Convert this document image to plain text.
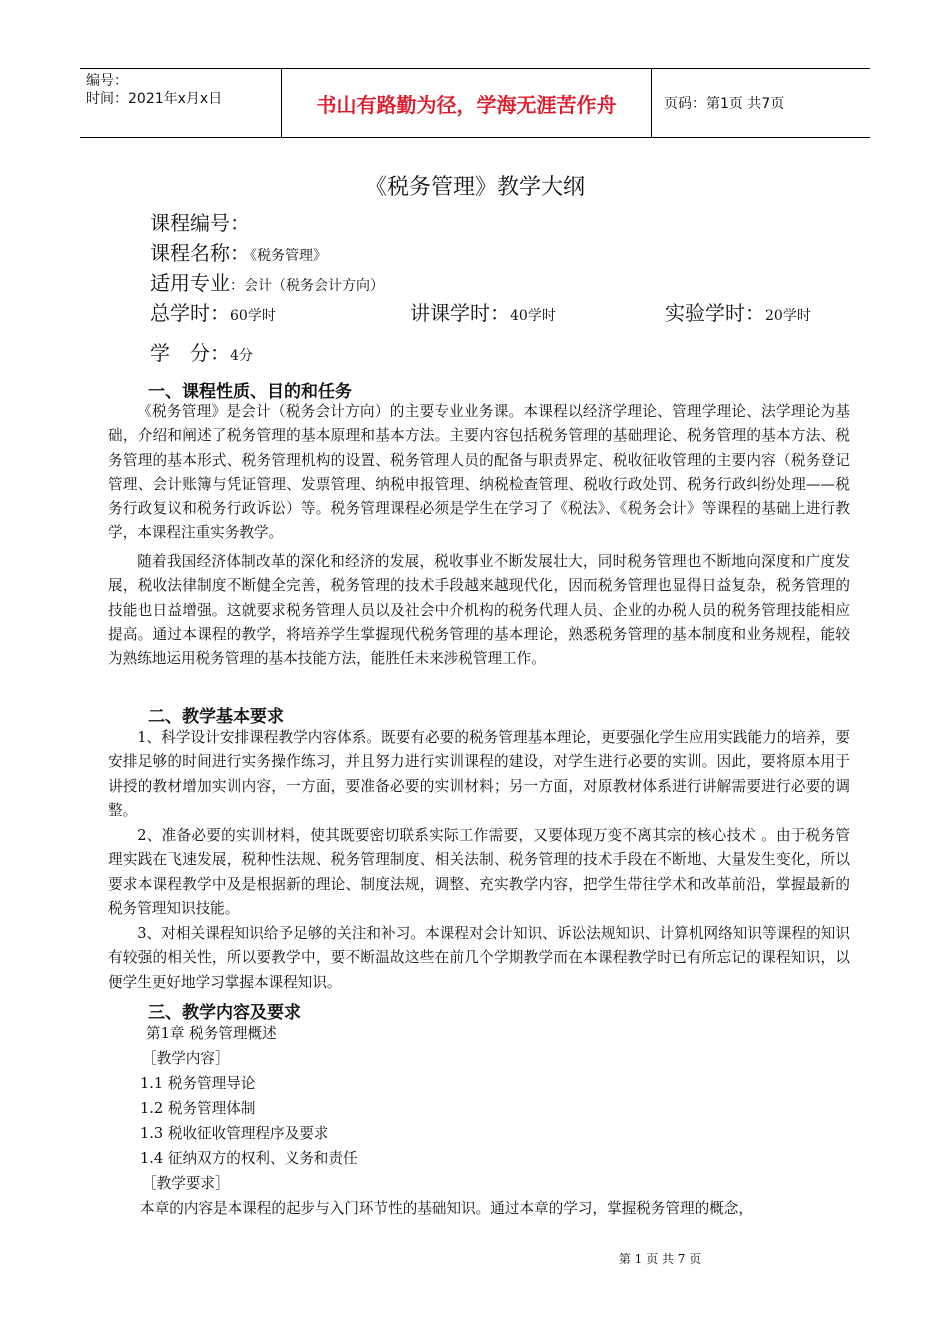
编号：
时间：2021年x月x日	书山有路勤为径，学海无涯苦作舟	页码：第1页 共7页
《税务管理》教学大纲
课程编号：
课程名称：《税务管理》
适用专业：会计（税务会计方向）
总学时：60学时	讲课学时：40学时	实验学时：20学时
学　分：4分
一、课程性质、目的和任务

《税务管理》是会计（税务会计方向）的主要专业业务课。本课程以经济学理论、管理学理论、法学理论为基础，介绍和阐述了税务管理的基本原理和基本方法。主要内容包括税务管理的基础理论、税务管理的基本方法、税务管理的基本形式、税务管理机构的设置、税务管理人员的配备与职责界定、税收征收管理的主要内容（税务登记管理、会计账簿与凭证管理、发票管理、纳税申报管理、纳税检查管理、税收行政处罚、税务行政纠纷处理——税务行政复议和税务行政诉讼）等。税务管理课程必须是学生在学习了《税法》、《税务会计》等课程的基础上进行教学，本课程注重实务教学。

随着我国经济体制改革的深化和经济的发展，税收事业不断发展壮大，同时税务管理也不断地向深度和广度发展，税收法律制度不断健全完善，税务管理的技术手段越来越现代化，因而税务管理也显得日益复杂，税务管理的技能也日益增强。这就要求税务管理人员以及社会中介机构的税务代理人员、企业的办税人员的税务管理技能相应提高。通过本课程的教学，将培养学生掌握现代税务管理的基本理论，熟悉税务管理的基本制度和业务规程，能较为熟练地运用税务管理的基本技能方法，能胜任未来涉税管理工作。

二、教学基本要求

1、科学设计安排课程教学内容体系。既要有必要的税务管理基本理论，更要强化学生应用实践能力的培养，要安排足够的时间进行实务操作练习，并且努力进行实训课程的建设，对学生进行必要的实训。因此，要将原本用于讲授的教材增加实训内容，一方面，要准备必要的实训材料；另一方面，对原教材体系进行讲解需要进行必要的调整。

2、准备必要的实训材料，使其既要密切联系实际工作需要，又要体现万变不离其宗的核心技术 。由于税务管理实践在飞速发展，税种性法规、税务管理制度、相关法制、税务管理的技术手段在不断地、大量发生变化，所以要求本课程教学中及是根据新的理论、制度法规，调整、充实教学内容，把学生带往学术和改革前沿，掌握最新的税务管理知识技能。

3、对相关课程知识给予足够的关注和补习。本课程对会计知识、诉讼法规知识、计算机网络知识等课程的知识有较强的相关性，所以要教学中，要不断温故这些在前几个学期教学而在本课程教学时已有所忘记的课程知识，以便学生更好地学习掌握本课程知识。

三、教学内容及要求
第1章 税务管理概述
［教学内容］
1.1 税务管理导论
1.2 税务管理体制
1.3 税收征收管理程序及要求
1.4 征纳双方的权利、义务和责任
［教学要求］
本章的内容是本课程的起步与入门环节性的基础知识。通过本章的学习，掌握税务管理的概念，
第 1 页 共 7 页
